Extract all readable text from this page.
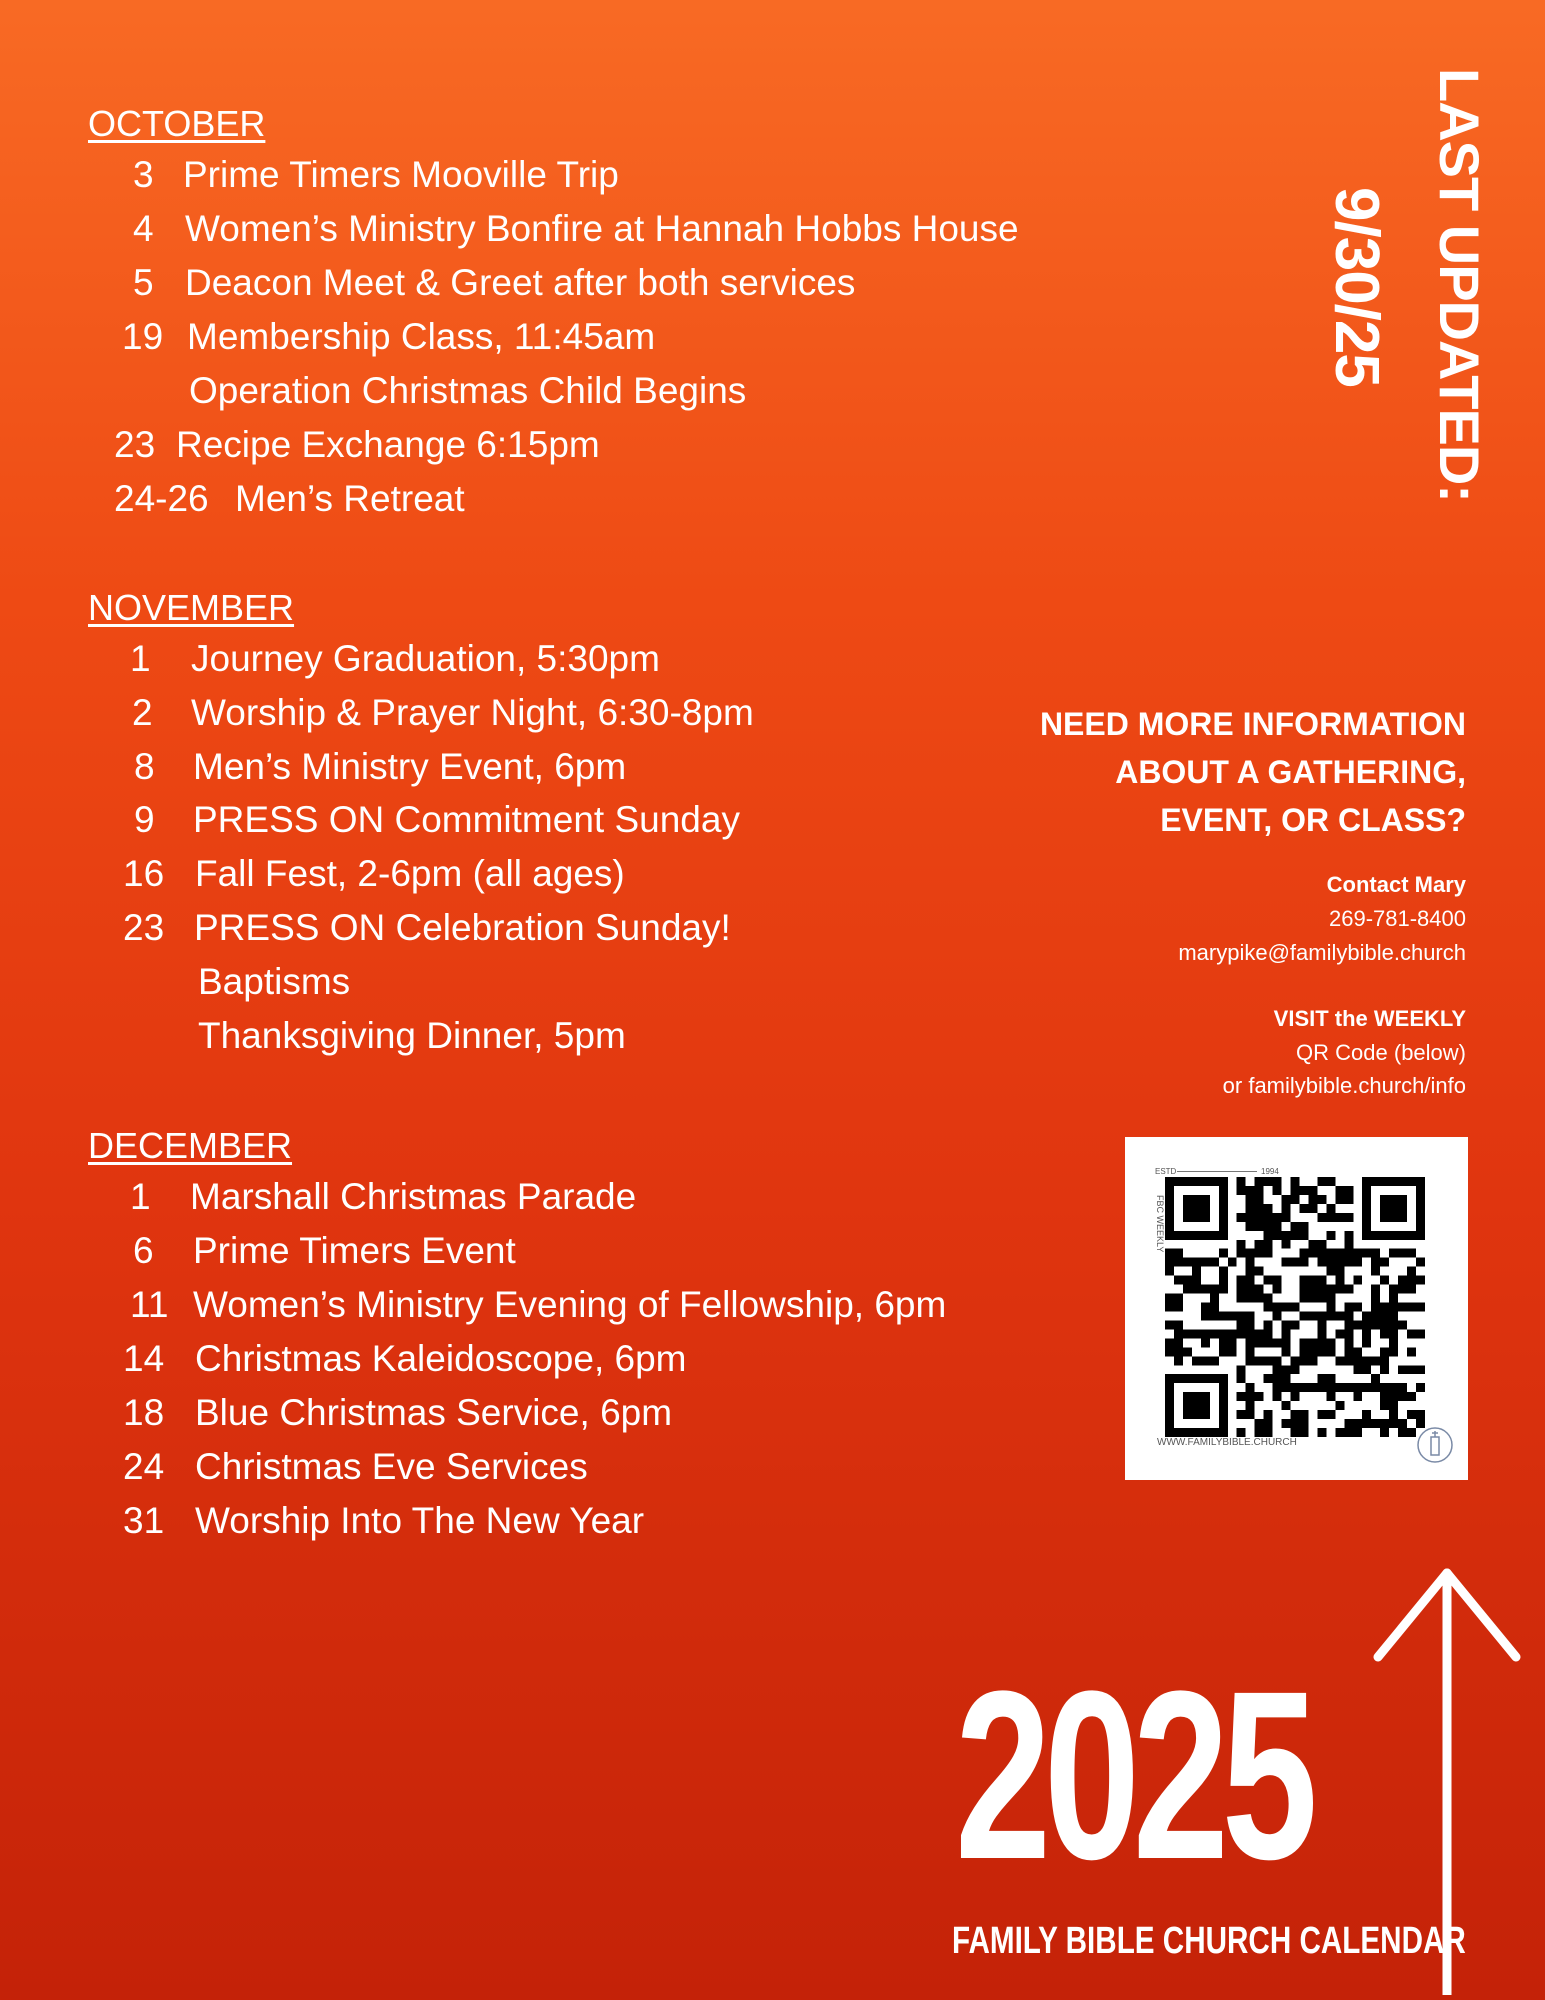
OCTOBER
3 Prime Timers Mooville Trip
4 Women’s Ministry Bonfire at Hannah Hobbs House
5 Deacon Meet & Greet after both services
19 Membership Class, 11:45am
Operation Christmas Child Begins
23 Recipe Exchange 6:15pm
24-26 Men’s Retreat
NOVEMBER
1 Journey Graduation, 5:30pm
2 Worship & Prayer Night, 6:30-8pm
8 Men’s Ministry Event, 6pm
9 PRESS ON Commitment Sunday
16 Fall Fest, 2-6pm (all ages)
23 PRESS ON Celebration Sunday!
Baptisms
Thanksgiving Dinner, 5pm
DECEMBER
1 Marshall Christmas Parade
6 Prime Timers Event
11 Women’s Ministry Evening of Fellowship, 6pm
14 Christmas Kaleidoscope, 6pm
18 Blue Christmas Service, 6pm
24 Christmas Eve Services
31 Worship Into The New Year
LAST UPDATED:
9/30/25
NEED MORE INFORMATION
ABOUT A GATHERING,
EVENT, OR CLASS?
Contact Mary
269-781-8400
marypike@familybible.church
VISIT the WEEKLY
QR Code (below)
or familybible.church/info
ESTD	1994
FBC WEEKLY
WWW.FAMILYBIBLE.CHURCH
2025
FAMILY BIBLE CHURCH CALENDAR
